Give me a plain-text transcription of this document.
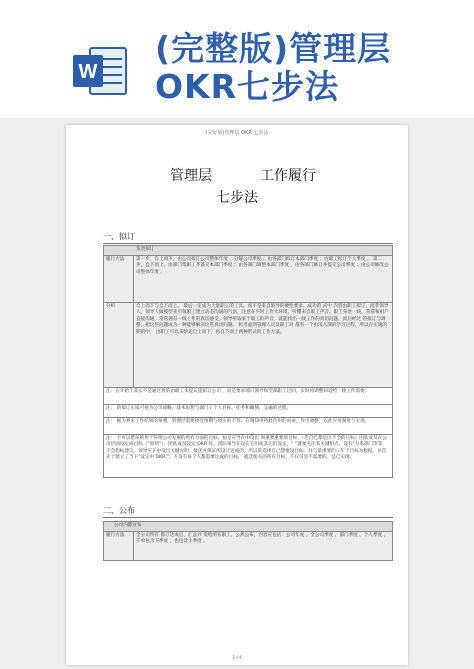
W
(完整版)管理层
OKR七步法
(完好版)管理层 OKR 七步法
管理层	工作履行
七步法
一、拟订
负责拟订	
履行方法	第一步，自上而下。由公司拟订公司整体年度 ，分解公司季度 ；由各部门拟订本部门季度 ；由职工拟订个人季度 。 第二步，自下而上。由部门集职工齐备交本部门季度 ；由各部门调整本部门季度 ，由各部门修订并提交公司季度 ；由公司修改公司整体年度 。
分析	自上而下与自下而上。 最后一定成为大量职工的工具，而不是来自领导的硬性要求。成功的 式中 内容由职工拟订，而非领导人。领导人做模型来引领职工建立动态沟通的气氛，注意在平时工作大环境，听懂来自职工声音。职工身处一线，常常和用户直接沟通，常常拥有一线工作的真切感受，领导听取来于职工的声音，就能找出一线工作的真切问题，而后经过 的拟订与调整，把这些问题成为一种能够解决这些真切问题。 积考虑到管理人员及职工对 都有一个由浅入深的学习过程，所以在实施的期的中， 由职工可以采纳先自上而下，再自下而上两种形式的工作方法。
注：在开始上其实不是通过真的由职工来提议提拟订公司 ，而是要求部门领导和全部职工过问，实时将调整回返给一线工作需要。	
注： 的拟订实质可视为公司战略、战术思想与部门 / 个人目标、任务和赖情，交融的过程。	
注： 据为将来工作结果的预测，管理层需要接受预期与现实的不符，在调知中将此作用的而命，作出调整，以此应用制度与实现。	
注： 不可以错误的用于管理公司发展的所有方面的目标，拍是应当在中设出 须重要重要的目标，（选自已都是区不全的目标）团队成员在公司层面设定成目标（“原则”），团队成员设定 OKR 时，团队领导在设定它们或其它们设定。“ ”就要关注其关键组点。设有"为本部门等等，不会指标建议。领导应在中设出关键分明，最优并保证所设计达成的。所以的选择自己想要设目标，并与最重要的二年于目标为根据，并首先于建立了当下"设定中 OKR "；方设有每个人都需要达成的目标， 就比使关的所有目标，不仅仅是不需要的，是已实现。	
二、公布
公司内都宣布
履行方法	全公司所有 都订达成后，汇总并 发给所有职工，公然公布，内容应包括：公司年度 ，全公司季度 ，部门季度 ，个人季度 ，不单包含下季度 ，也包含上季度 。
1 / 4
